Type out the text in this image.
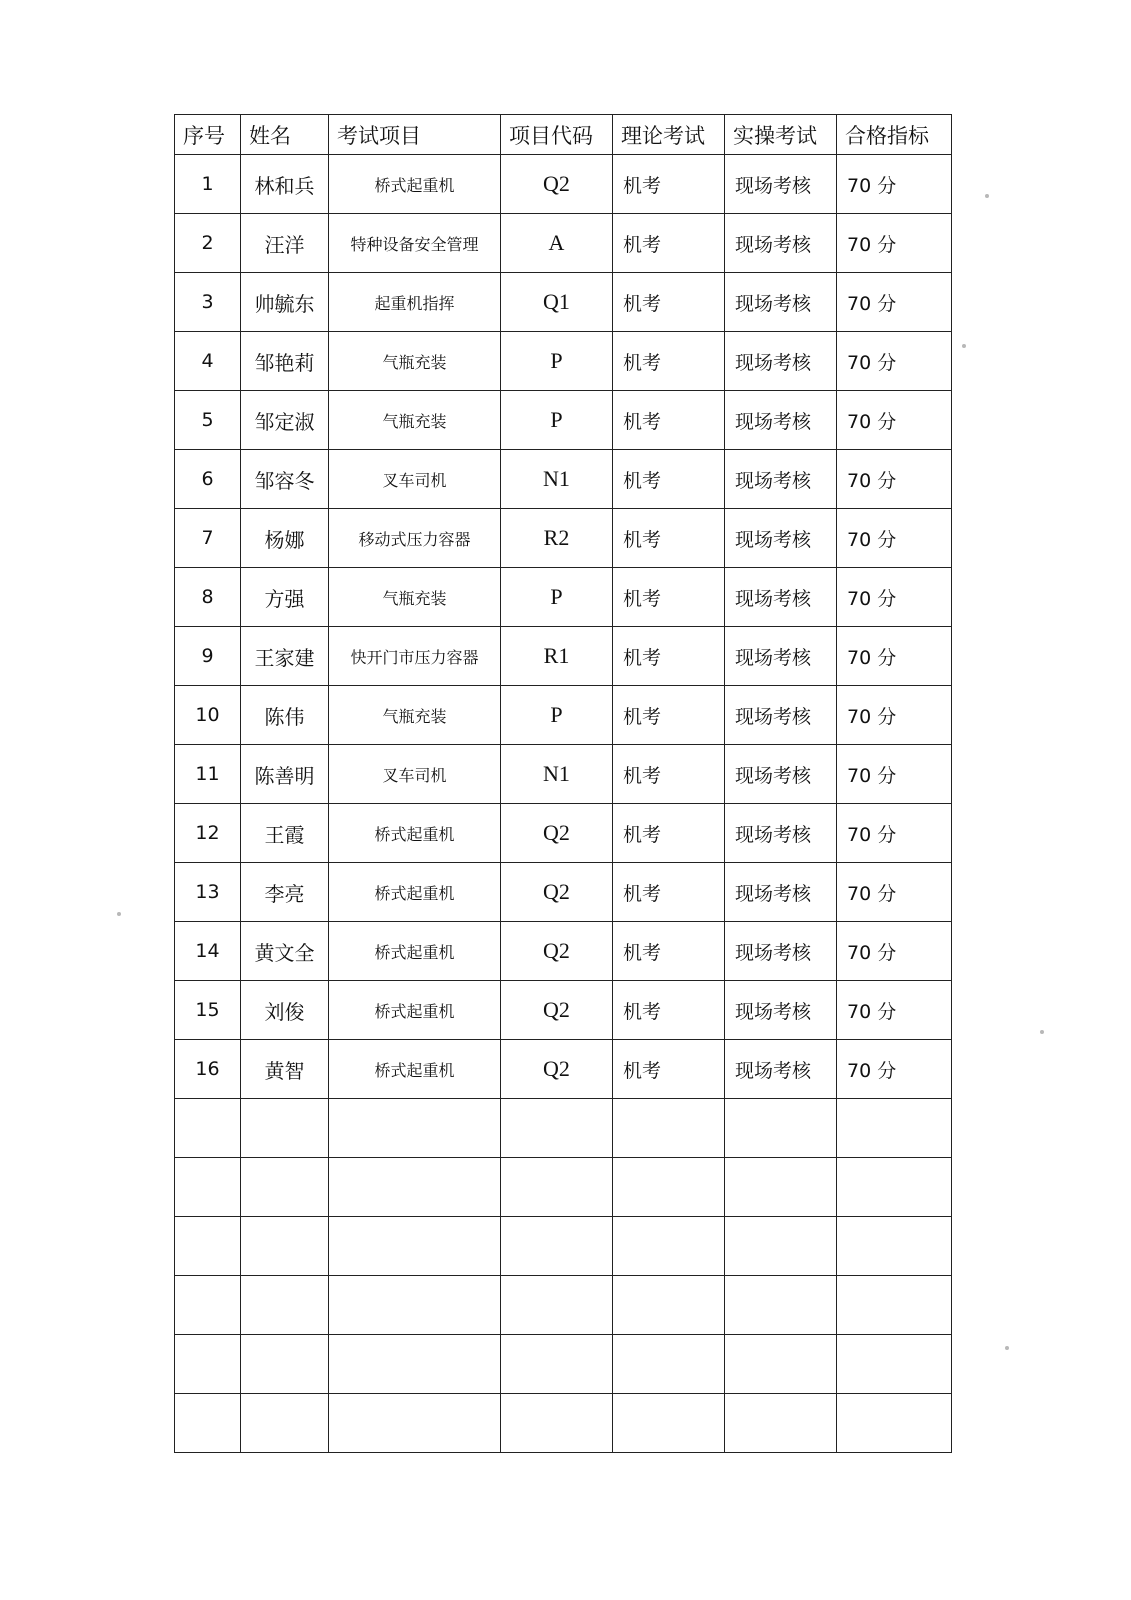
序号	姓名	考试项目	项目代码	理论考试	实操考试	合格指标
1	林和兵	桥式起重机	Q2	机考	现场考核	70 分
2	汪洋	特种设备安全管理	A	机考	现场考核	70 分
3	帅毓东	起重机指挥	Q1	机考	现场考核	70 分
4	邹艳莉	气瓶充装	P	机考	现场考核	70 分
5	邹定淑	气瓶充装	P	机考	现场考核	70 分
6	邹容冬	叉车司机	N1	机考	现场考核	70 分
7	杨娜	移动式压力容器	R2	机考	现场考核	70 分
8	方强	气瓶充装	P	机考	现场考核	70 分
9	王家建	快开门市压力容器	R1	机考	现场考核	70 分
10	陈伟	气瓶充装	P	机考	现场考核	70 分
11	陈善明	叉车司机	N1	机考	现场考核	70 分
12	王霞	桥式起重机	Q2	机考	现场考核	70 分
13	李亮	桥式起重机	Q2	机考	现场考核	70 分
14	黄文全	桥式起重机	Q2	机考	现场考核	70 分
15	刘俊	桥式起重机	Q2	机考	现场考核	70 分
16	黄智	桥式起重机	Q2	机考	现场考核	70 分
